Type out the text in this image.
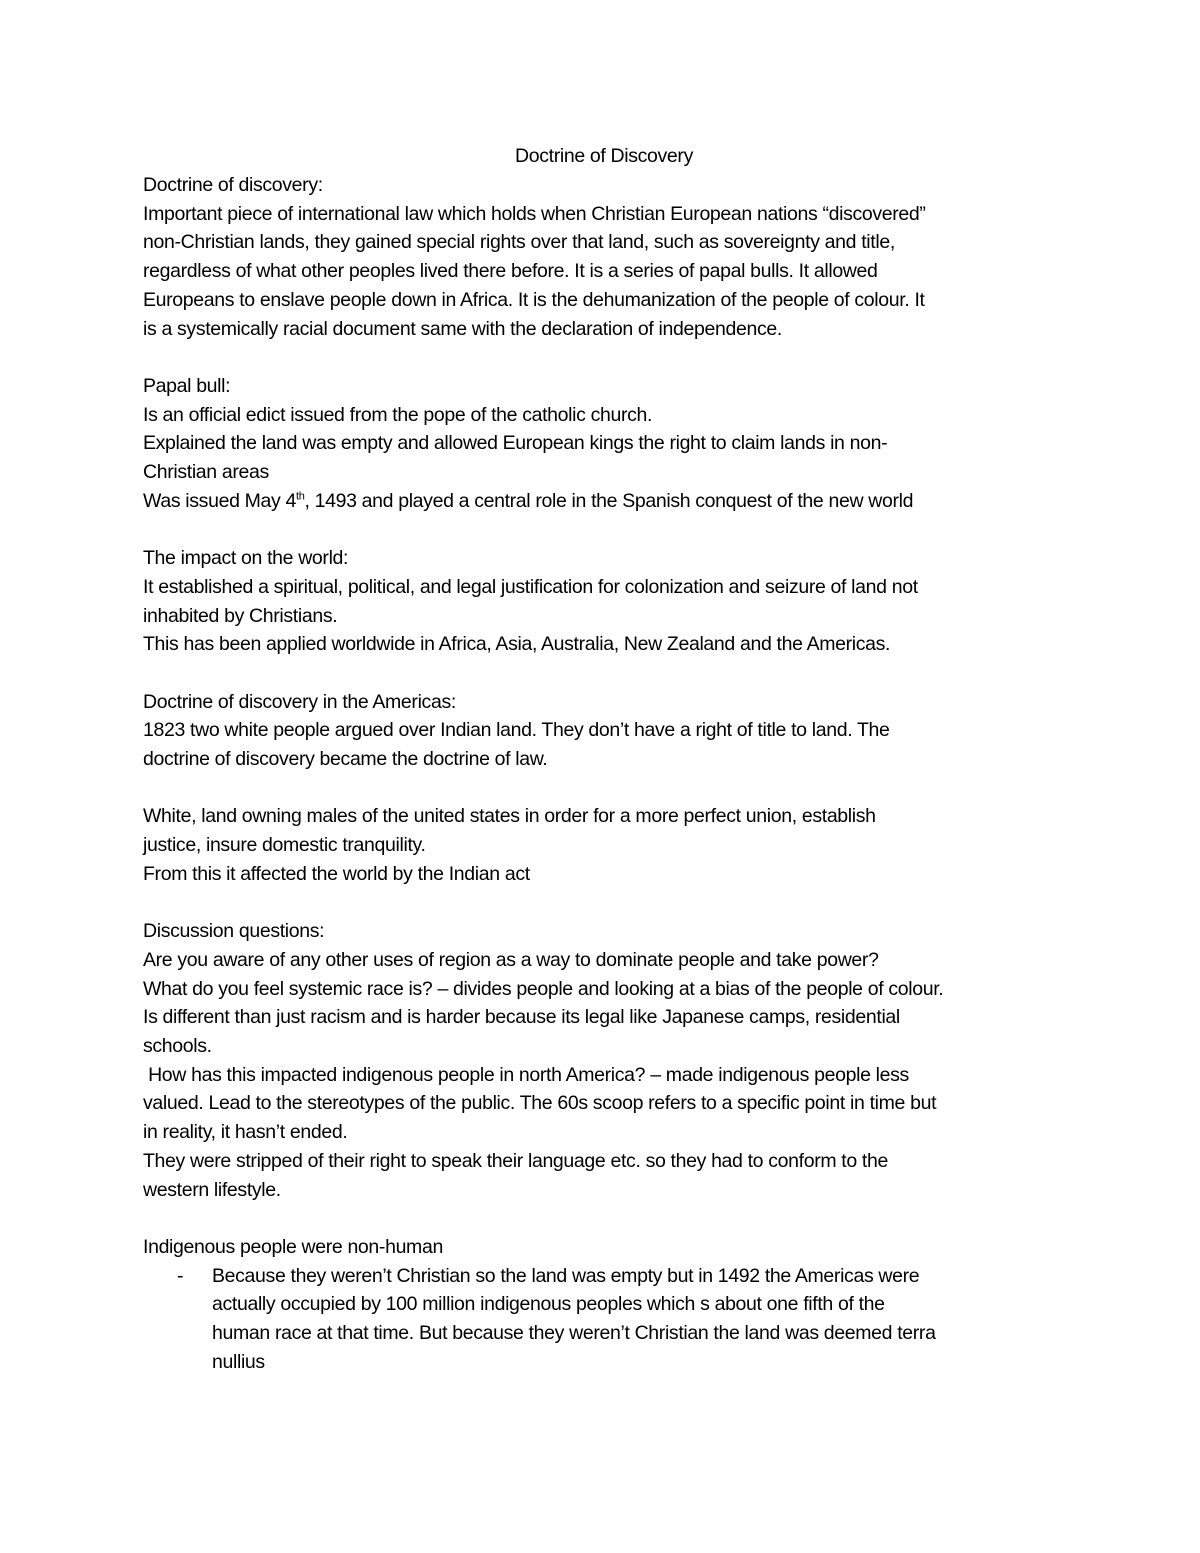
Doctrine of Discovery
Doctrine of discovery:
Important piece of international law which holds when Christian European nations “discovered”
non-Christian lands, they gained special rights over that land, such as sovereignty and title,
regardless of what other peoples lived there before. It is a series of papal bulls. It allowed
Europeans to enslave people down in Africa. It is the dehumanization of the people of colour. It
is a systemically racial document same with the declaration of independence.
Papal bull:
Is an official edict issued from the pope of the catholic church.
Explained the land was empty and allowed European kings the right to claim lands in non-
Christian areas
Was issued May 4th, 1493 and played a central role in the Spanish conquest of the new world
The impact on the world:
It established a spiritual, political, and legal justification for colonization and seizure of land not
inhabited by Christians.
This has been applied worldwide in Africa, Asia, Australia, New Zealand and the Americas.
Doctrine of discovery in the Americas:
1823 two white people argued over Indian land. They don’t have a right of title to land. The
doctrine of discovery became the doctrine of law.
White, land owning males of the united states in order for a more perfect union, establish
justice, insure domestic tranquility.
From this it affected the world by the Indian act
Discussion questions:
Are you aware of any other uses of region as a way to dominate people and take power?
What do you feel systemic race is? – divides people and looking at a bias of the people of colour.
Is different than just racism and is harder because its legal like Japanese camps, residential
schools.
How has this impacted indigenous people in north America? – made indigenous people less
valued. Lead to the stereotypes of the public. The 60s scoop refers to a specific point in time but
in reality, it hasn’t ended.
They were stripped of their right to speak their language etc. so they had to conform to the
western lifestyle.
Indigenous people were non-human
-	Because they weren’t Christian so the land was empty but in 1492 the Americas were
actually occupied by 100 million indigenous peoples which s about one fifth of the
human race at that time. But because they weren’t Christian the land was deemed terra
nullius
